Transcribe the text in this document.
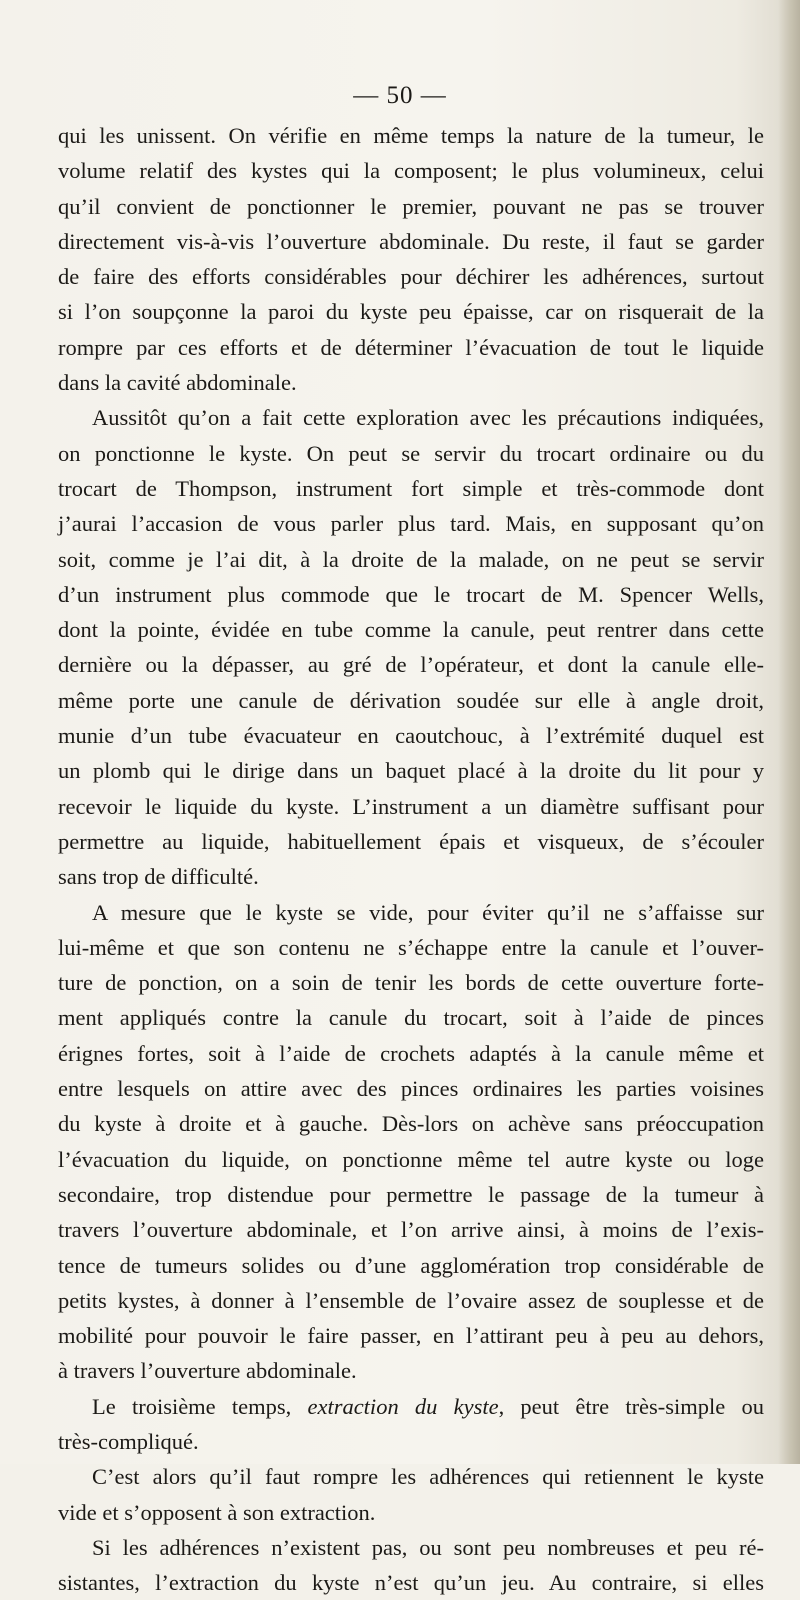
— 50 —
qui les unissent. On vérifie en même temps la nature de la tumeur, le
volume relatif des kystes qui la composent; le plus volumineux, celui
qu’il convient de ponctionner le premier, pouvant ne pas se trouver
directement vis-à-vis l’ouverture abdominale. Du reste, il faut se garder
de faire des efforts considérables pour déchirer les adhérences, surtout
si l’on soupçonne la paroi du kyste peu épaisse, car on risquerait de la
rompre par ces efforts et de déterminer l’évacuation de tout le liquide
dans la cavité abdominale.
Aussitôt qu’on a fait cette exploration avec les précautions indiquées,
on ponctionne le kyste. On peut se servir du trocart ordinaire ou du
trocart de Thompson, instrument fort simple et très-commode dont
j’aurai l’accasion de vous parler plus tard. Mais, en supposant qu’on
soit, comme je l’ai dit, à la droite de la malade, on ne peut se servir
d’un instrument plus commode que le trocart de M. Spencer Wells,
dont la pointe, évidée en tube comme la canule, peut rentrer dans cette
dernière ou la dépasser, au gré de l’opérateur, et dont la canule elle-
même porte une canule de dérivation soudée sur elle à angle droit,
munie d’un tube évacuateur en caoutchouc, à l’extrémité duquel est
un plomb qui le dirige dans un baquet placé à la droite du lit pour y
recevoir le liquide du kyste. L’instrument a un diamètre suffisant pour
permettre au liquide, habituellement épais et visqueux, de s’écouler
sans trop de difficulté.
A mesure que le kyste se vide, pour éviter qu’il ne s’affaisse sur
lui-même et que son contenu ne s’échappe entre la canule et l’ouver-
ture de ponction, on a soin de tenir les bords de cette ouverture forte-
ment appliqués contre la canule du trocart, soit à l’aide de pinces
érignes fortes, soit à l’aide de crochets adaptés à la canule même et
entre lesquels on attire avec des pinces ordinaires les parties voisines
du kyste à droite et à gauche. Dès-lors on achève sans préoccupation
l’évacuation du liquide, on ponctionne même tel autre kyste ou loge
secondaire, trop distendue pour permettre le passage de la tumeur à
travers l’ouverture abdominale, et l’on arrive ainsi, à moins de l’exis-
tence de tumeurs solides ou d’une agglomération trop considérable de
petits kystes, à donner à l’ensemble de l’ovaire assez de souplesse et de
mobilité pour pouvoir le faire passer, en l’attirant peu à peu au dehors,
à travers l’ouverture abdominale.
Le troisième temps, extraction du kyste, peut être très-simple ou
très-compliqué.
C’est alors qu’il faut rompre les adhérences qui retiennent le kyste
vide et s’opposent à son extraction.
Si les adhérences n’existent pas, ou sont peu nombreuses et peu ré-
sistantes, l’extraction du kyste n’est qu’un jeu. Au contraire, si elles
